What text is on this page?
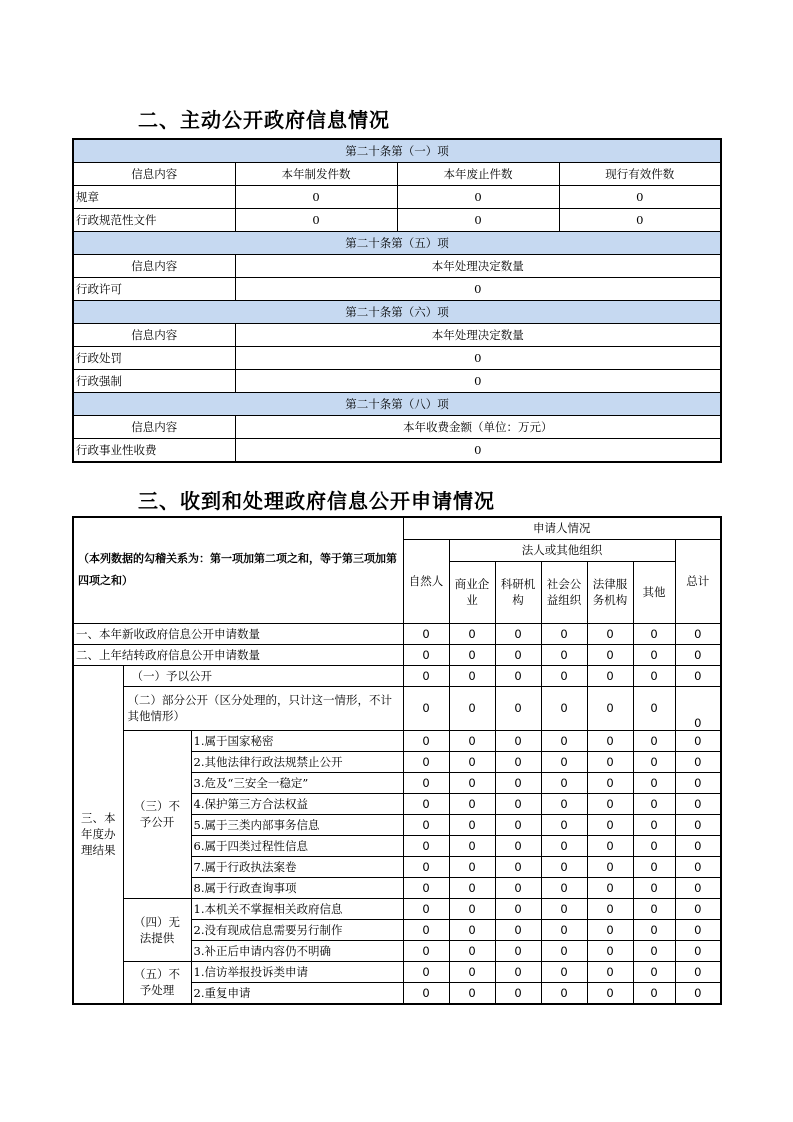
二、主动公开政府信息情况
第二十条第（一）项			
信息内容	本年制发件数	本年废止件数	现行有效件数
规章	0	0	0
行政规范性文件	0	0	0
第二十条第（五）项			
信息内容	本年处理决定数量		
行政许可	0		
第二十条第（六）项			
信息内容	本年处理决定数量		
行政处罚	0		
行政强制	0		
第二十条第（八）项			
信息内容	本年收费金额（单位：万元）		
行政事业性收费	0		
三、收到和处理政府信息公开申请情况
（本列数据的勾稽关系为：第一项加第二项之和，等于第三项加第四项之和）			申请人情况						
			自然人	法人或其他组织					总计
				商业企业	科研机构	社会公益组织	法律服务机构	其他	
一、本年新收政府信息公开申请数量			0	0	0	0	0	0	0
二、上年结转政府信息公开申请数量			0	0	0	0	0	0	0
三、本年度办理结果	（一）予以公开		0	0	0	0	0	0	0
	（二）部分公开（区分处理的，只计这一情形，不计其他情形）		0	0	0	0	0	0	0
	（三）不予公开	1.属于国家秘密	0	0	0	0	0	0	0
		2.其他法律行政法规禁止公开	0	0	0	0	0	0	0
		3.危及“三安全一稳定”	0	0	0	0	0	0	0
		4.保护第三方合法权益	0	0	0	0	0	0	0
		5.属于三类内部事务信息	0	0	0	0	0	0	0
		6.属于四类过程性信息	0	0	0	0	0	0	0
		7.属于行政执法案卷	0	0	0	0	0	0	0
		8.属于行政查询事项	0	0	0	0	0	0	0
	（四）无法提供	1.本机关不掌握相关政府信息	0	0	0	0	0	0	0
		2.没有现成信息需要另行制作	0	0	0	0	0	0	0
		3.补正后申请内容仍不明确	0	0	0	0	0	0	0
	（五）不予处理	1.信访举报投诉类申请	0	0	0	0	0	0	0
		2.重复申请	0	0	0	0	0	0	0
